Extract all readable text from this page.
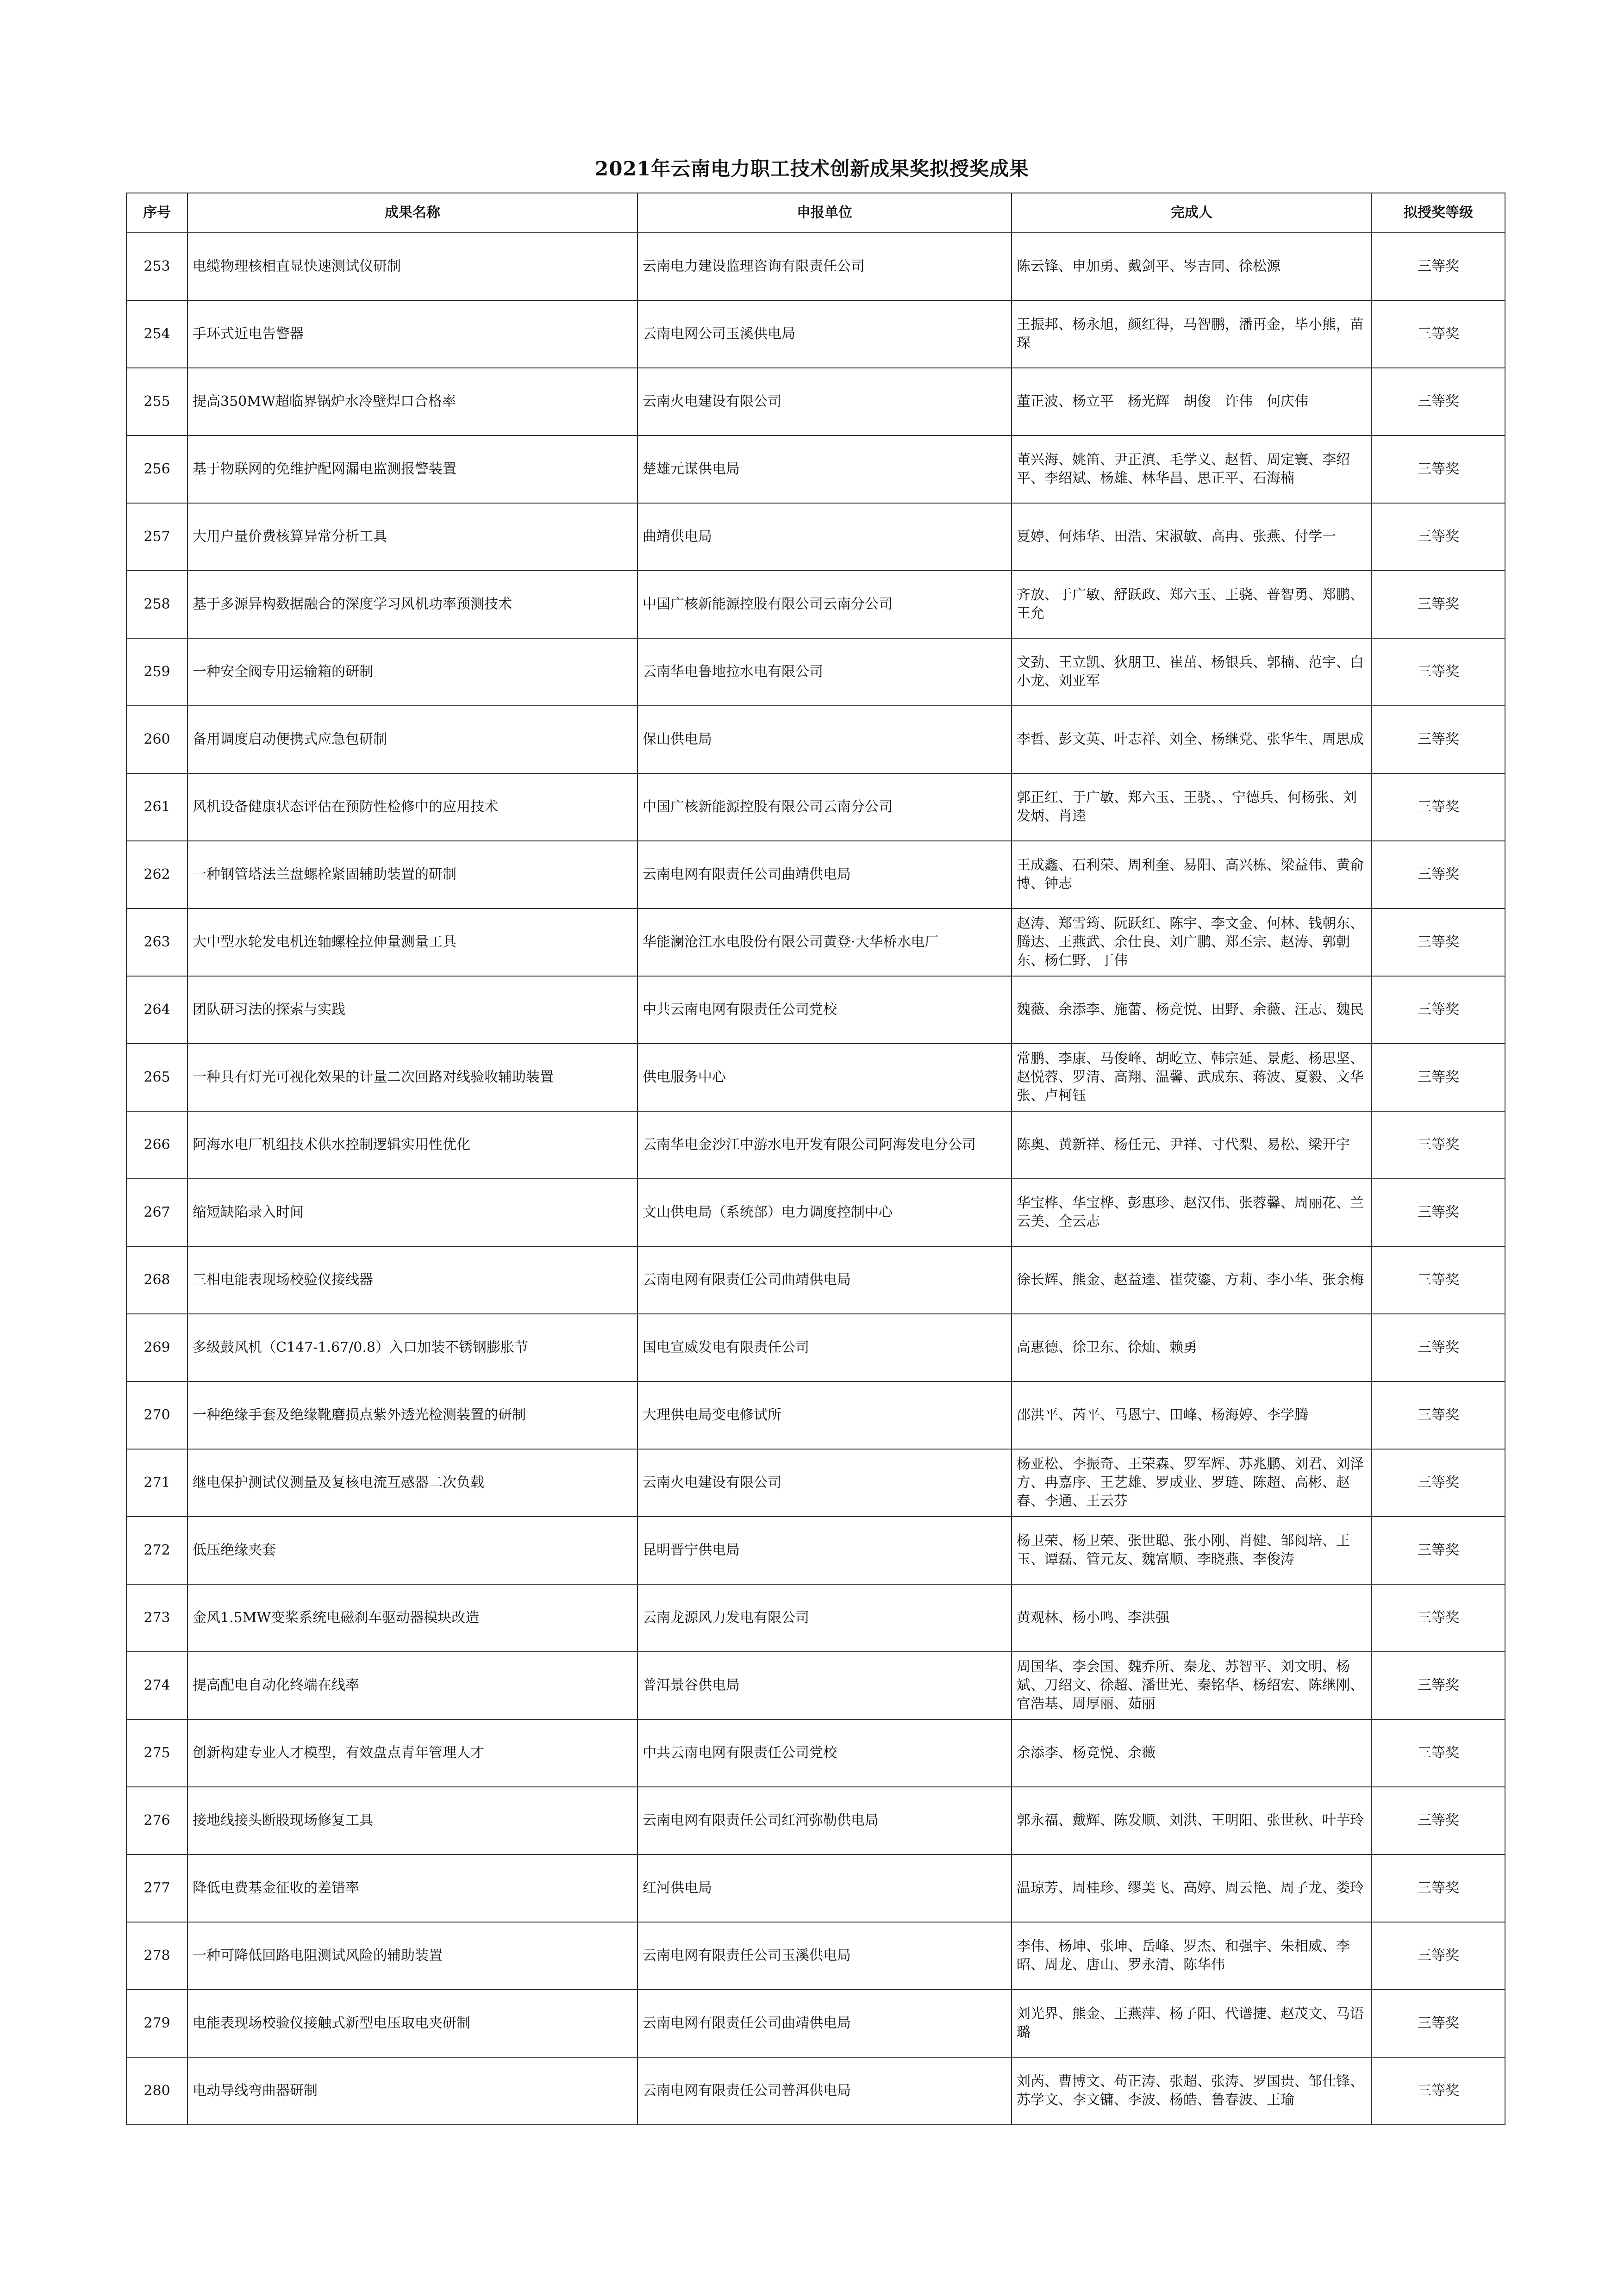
2021年云南电力职工技术创新成果奖拟授奖成果
序号	成果名称	申报单位	完成人	拟授奖等级
253	电缆物理核相直显快速测试仪研制	云南电力建设监理咨询有限责任公司	陈云锋、申加勇、戴剑平、岑吉同、徐松源	三等奖
254	手环式近电告警器	云南电网公司玉溪供电局	王振邦、杨永旭，颜红得，马智鹏，潘再金，毕小熊，苗琛	三等奖
255	提高350MW超临界锅炉水冷壁焊口合格率	云南火电建设有限公司	董正波、杨立平　杨光辉　胡俊　许伟　何庆伟	三等奖
256	基于物联网的免维护配网漏电监测报警装置	楚雄元谋供电局	董兴海、姚笛、尹正滇、毛学义、赵哲、周定寰、李绍平、李绍斌、杨雄、林华昌、思正平、石海楠	三等奖
257	大用户量价费核算异常分析工具	曲靖供电局	夏婷、何炜华、田浩、宋淑敏、高冉、张燕、付学一	三等奖
258	基于多源异构数据融合的深度学习风机功率预测技术	中国广核新能源控股有限公司云南分公司	齐放、于广敏、舒跃政、郑六玉、王骁、普智勇、郑鹏、王允	三等奖
259	一种安全阀专用运输箱的研制	云南华电鲁地拉水电有限公司	文劲、王立凯、狄朋卫、崔茁、杨银兵、郭楠、范宇、白小龙、刘亚军	三等奖
260	备用调度启动便携式应急包研制	保山供电局	李哲、彭文英、叶志祥、刘全、杨继党、张华生、周思成	三等奖
261	风机设备健康状态评估在预防性检修中的应用技术	中国广核新能源控股有限公司云南分公司	郭正红、于广敏、郑六玉、王骁、、宁德兵、何杨张、刘发炳、肖逵	三等奖
262	一种钢管塔法兰盘螺栓紧固辅助装置的研制	云南电网有限责任公司曲靖供电局	王成鑫、石利荣、周利奎、易阳、高兴栋、梁益伟、黄俞博、钟志	三等奖
263	大中型水轮发电机连轴螺栓拉伸量测量工具	华能澜沧江水电股份有限公司黄登·大华桥水电厂	赵涛、郑雪筠、阮跃红、陈宇、李文金、何林、钱朝东、腾达、王燕武、余仕良、刘广鹏、郑丕宗、赵涛、郭朝东、杨仁野、丁伟	三等奖
264	团队研习法的探索与实践	中共云南电网有限责任公司党校	魏薇、余添李、施蕾、杨竞悦、田野、余薇、汪志、魏民	三等奖
265	一种具有灯光可视化效果的计量二次回路对线验收辅助装置	供电服务中心	常鹏、李康、马俊峰、胡屹立、韩宗延、景彪、杨思坚、赵悦蓉、罗清、高翔、温馨、武成东、蒋波、夏毅、文华张、卢柯钰	三等奖
266	阿海水电厂机组技术供水控制逻辑实用性优化	云南华电金沙江中游水电开发有限公司阿海发电分公司	陈奥、黄新祥、杨任元、尹祥、寸代梨、易松、梁开宇	三等奖
267	缩短缺陷录入时间	文山供电局（系统部）电力调度控制中心	华宝桦、华宝桦、彭惠珍、赵汉伟、张蓉馨、周丽花、兰云美、全云志	三等奖
268	三相电能表现场校验仪接线器	云南电网有限责任公司曲靖供电局	徐长辉、熊金、赵益逵、崔荧鎏、方莉、李小华、张余梅	三等奖
269	多级鼓风机（C147-1.67/0.8）入口加装不锈钢膨胀节	国电宣威发电有限责任公司	高惠德、徐卫东、徐灿、赖勇	三等奖
270	一种绝缘手套及绝缘靴磨损点紫外透光检测装置的研制	大理供电局变电修试所	邵洪平、芮平、马恩宁、田峰、杨海婷、李学腾	三等奖
271	继电保护测试仪测量及复核电流互感器二次负载	云南火电建设有限公司	杨亚松、李振奇、王荣森、罗军辉、苏兆鹏、刘君、刘泽方、冉嘉序、王艺雄、罗成业、罗琏、陈超、高彬、赵春、李通、王云芬	三等奖
272	低压绝缘夹套	昆明晋宁供电局	杨卫荣、杨卫荣、张世聪、张小刚、肖健、邹阅培、王玉、谭磊、管元友、魏富顺、李晓燕、李俊涛	三等奖
273	金风1.5MW变桨系统电磁刹车驱动器模块改造	云南龙源风力发电有限公司	黄观林、杨小鸣、李洪强	三等奖
274	提高配电自动化终端在线率	普洱景谷供电局	周国华、李会国、魏乔所、秦龙、苏智平、刘文明、杨斌、刀绍文、徐超、潘世光、秦铭华、杨绍宏、陈继刚、官浩基、周厚丽、茹丽	三等奖
275	创新构建专业人才模型，有效盘点青年管理人才	中共云南电网有限责任公司党校	余添李、杨竞悦、余薇	三等奖
276	接地线接头断股现场修复工具	云南电网有限责任公司红河弥勒供电局	郭永福、戴辉、陈发顺、刘洪、王明阳、张世秋、叶芋玲	三等奖
277	降低电费基金征收的差错率	红河供电局	温琼芳、周桂珍、缪美飞、高婷、周云艳、周子龙、娄玲	三等奖
278	一种可降低回路电阻测试风险的辅助装置	云南电网有限责任公司玉溪供电局	李伟、杨坤、张坤、岳峰、罗杰、和强宇、朱相威、李昭、周龙、唐山、罗永清、陈华伟	三等奖
279	电能表现场校验仪接触式新型电压取电夹研制	云南电网有限责任公司曲靖供电局	刘光界、熊金、王燕萍、杨子阳、代谱捷、赵茂文、马语璐	三等奖
280	电动导线弯曲器研制	云南电网有限责任公司普洱供电局	刘芮、曹博文、苟正涛、张超、张涛、罗国贵、邹仕锋、苏学文、李文镛、李波、杨皓、鲁春波、王瑜	三等奖
